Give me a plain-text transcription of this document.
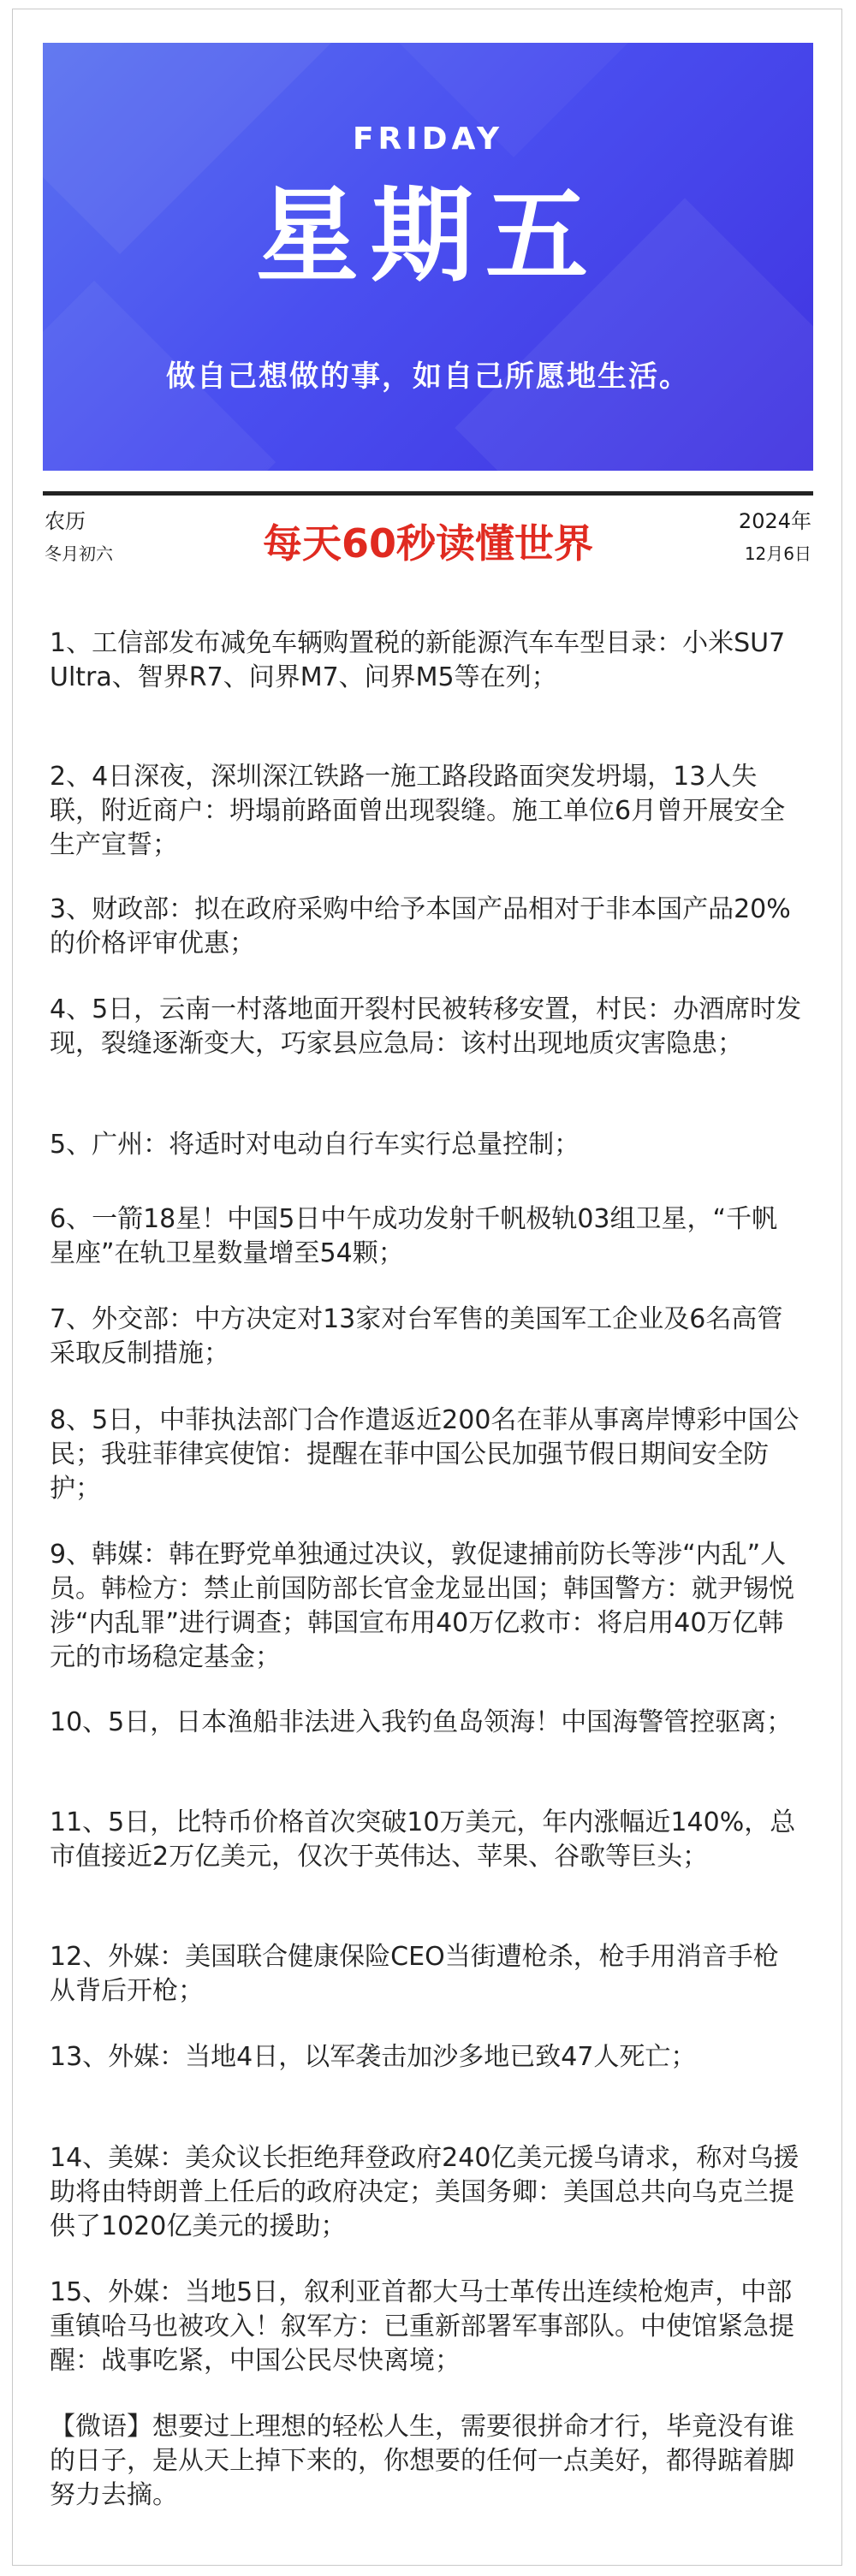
FRIDAY
星期五
做自己想做的事，如自己所愿地生活。
农历
冬月初六	每天60秒读懂世界	2024年
12月6日

1、工信部发布减免车辆购置税的新能源汽车车型目录：小米SU7 Ultra、智界R7、问界M7、问界M5等在列；

2、4日深夜，深圳深江铁路一施工路段路面突发坍塌，13人失联，附近商户：坍塌前路面曾出现裂缝。施工单位6月曾开展安全生产宣誓；

3、财政部：拟在政府采购中给予本国产品相对于非本国产品20%的价格评审优惠；

4、5日，云南一村落地面开裂村民被转移安置，村民：办酒席时发现，裂缝逐渐变大，巧家县应急局：该村出现地质灾害隐患；

5、广州：将适时对电动自行车实行总量控制；

6、一箭18星！中国5日中午成功发射千帆极轨03组卫星，“千帆星座”在轨卫星数量增至54颗；

7、外交部：中方决定对13家对台军售的美国军工企业及6名高管采取反制措施；

8、5日，中菲执法部门合作遣返近200名在菲从事离岸博彩中国公民；我驻菲律宾使馆：提醒在菲中国公民加强节假日期间安全防护；

9、韩媒：韩在野党单独通过决议，敦促逮捕前防长等涉“内乱”人员。韩检方：禁止前国防部长官金龙显出国；韩国警方：就尹锡悦涉“内乱罪”进行调查；韩国宣布用40万亿救市：将启用40万亿韩元的市场稳定基金；

10、5日，日本渔船非法进入我钓鱼岛领海！中国海警管控驱离；

11、5日，比特币价格首次突破10万美元，年内涨幅近140%，总市值接近2万亿美元，仅次于英伟达、苹果、谷歌等巨头；

12、外媒：美国联合健康保险CEO当街遭枪杀，枪手用消音手枪从背后开枪；

13、外媒：当地4日，以军袭击加沙多地已致47人死亡；

14、美媒：美众议长拒绝拜登政府240亿美元援乌请求，称对乌援助将由特朗普上任后的政府决定；美国务卿：美国总共向乌克兰提供了1020亿美元的援助；

15、外媒：当地5日，叙利亚首都大马士革传出连续枪炮声，中部重镇哈马也被攻入！叙军方：已重新部署军事部队。中使馆紧急提醒：战事吃紧，中国公民尽快离境；

【微语】想要过上理想的轻松人生，需要很拼命才行，毕竟没有谁的日子，是从天上掉下来的，你想要的任何一点美好，都得踮着脚努力去摘。
